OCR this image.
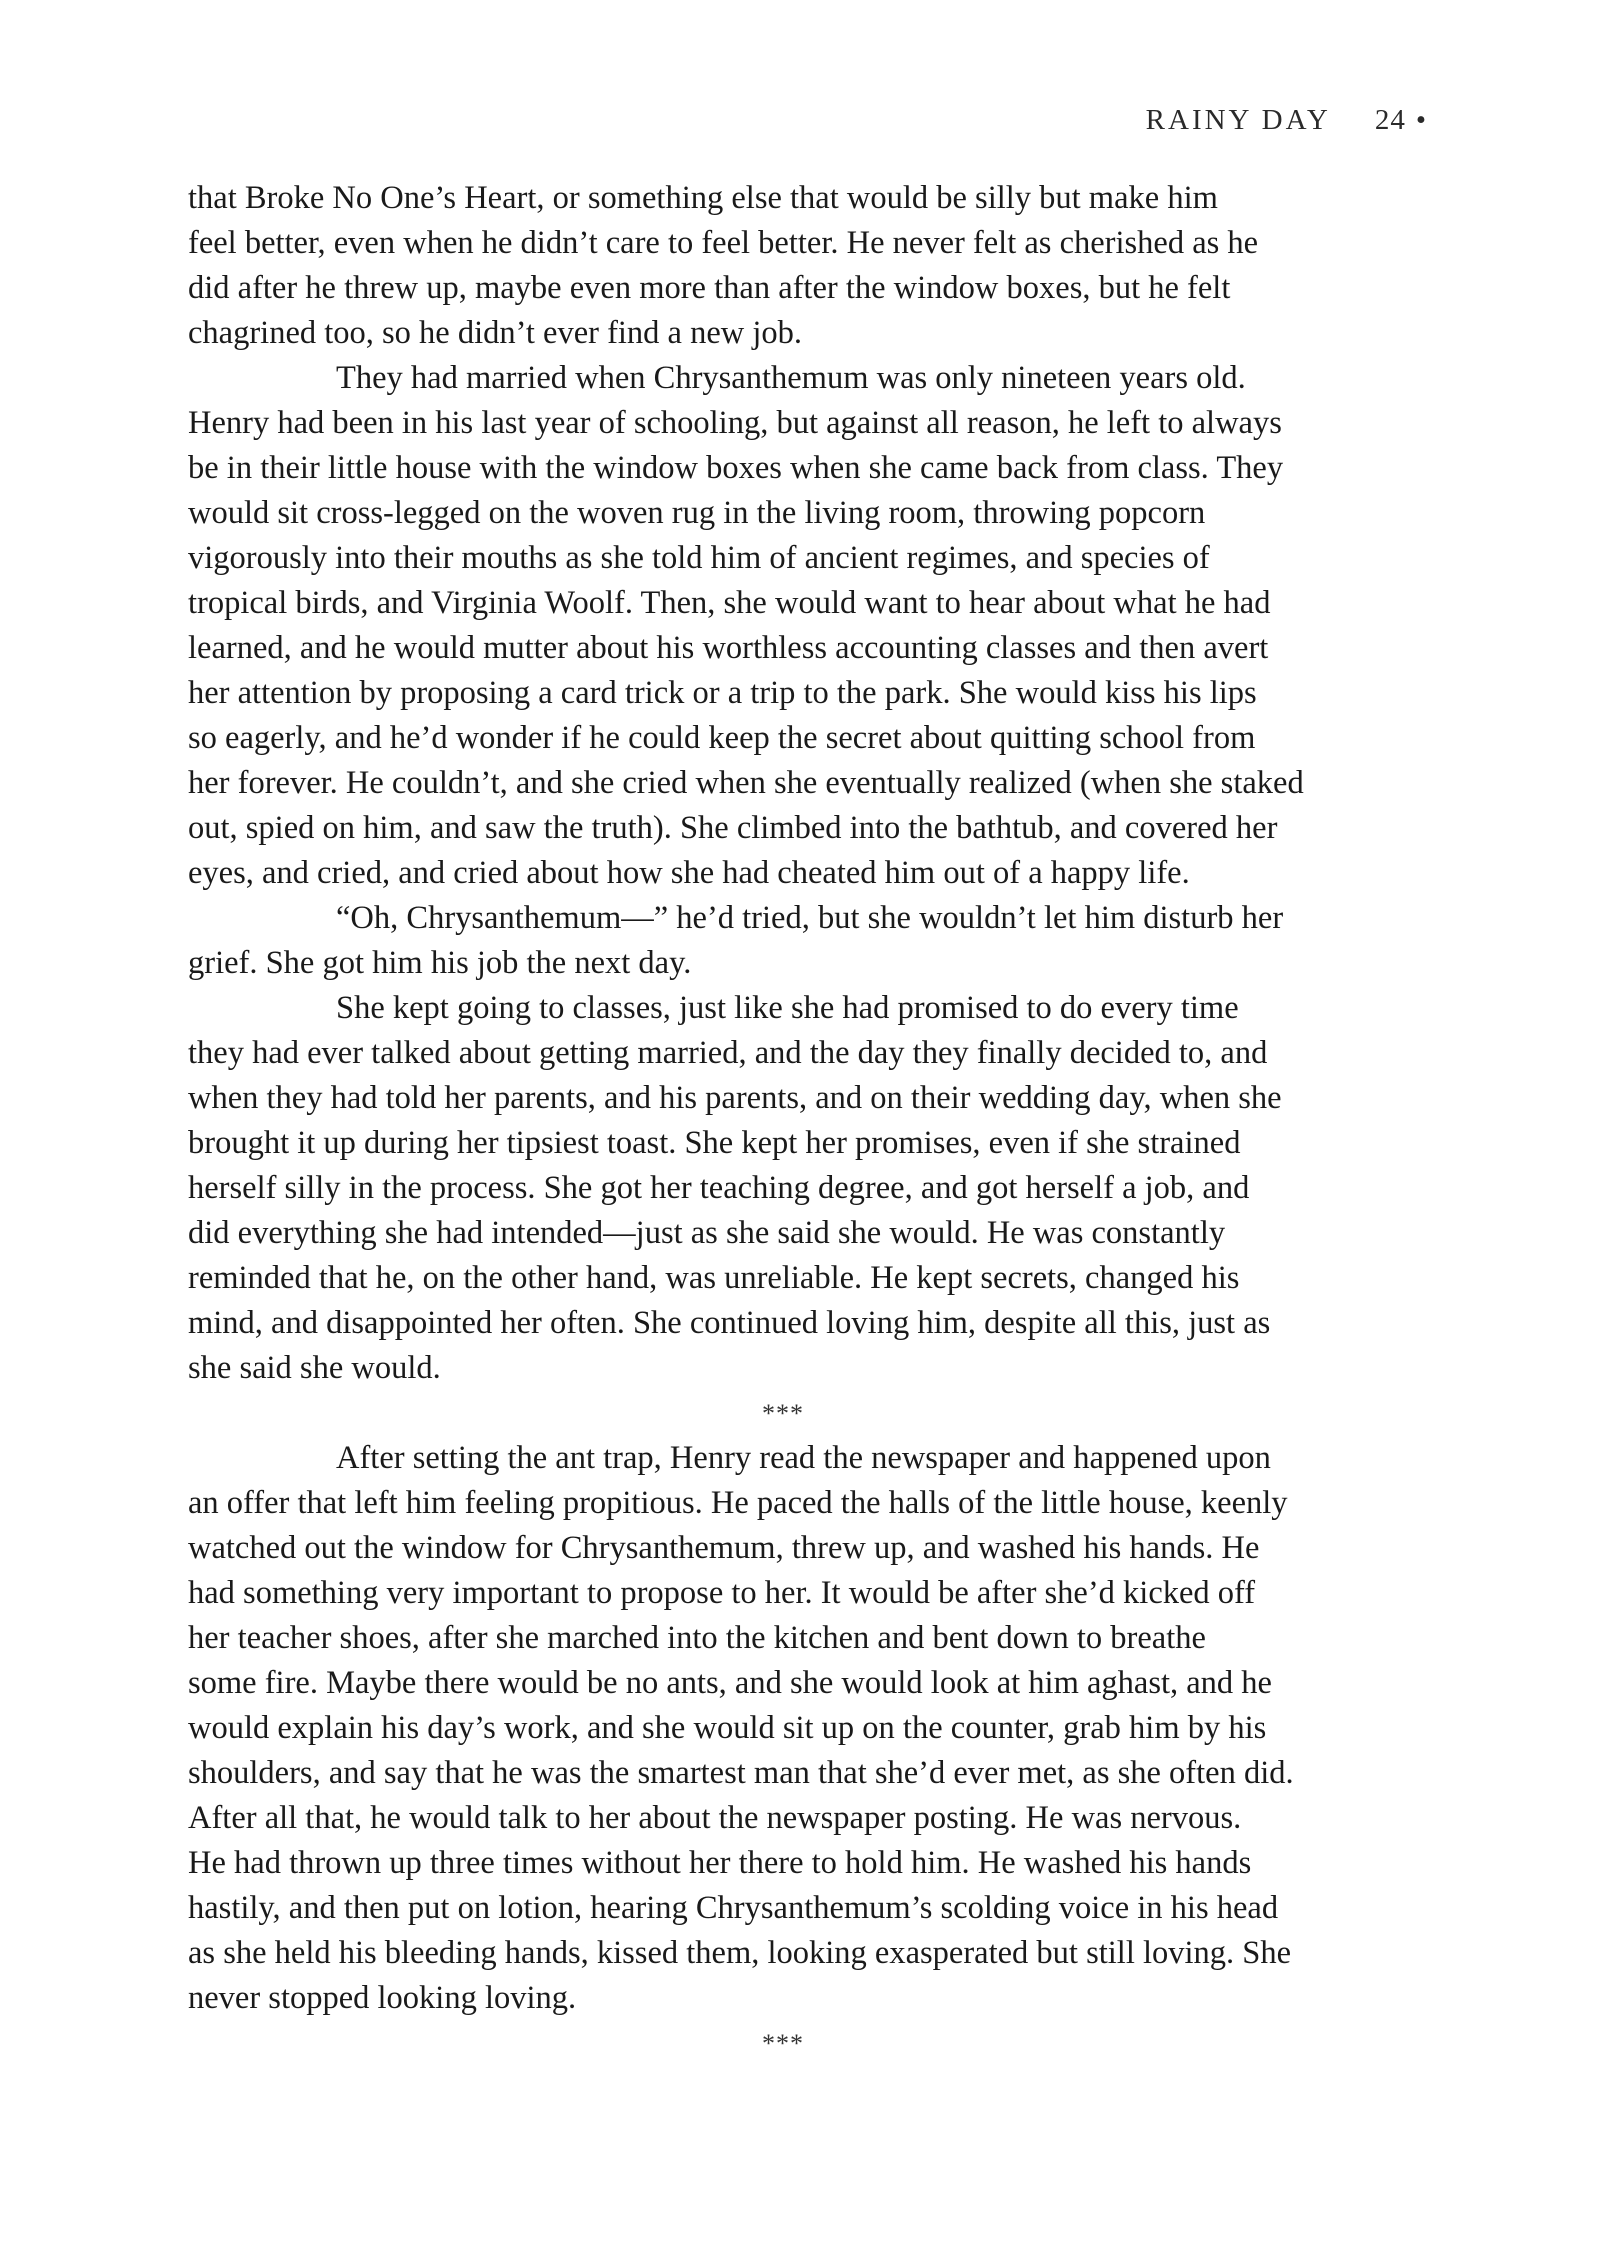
RAINY DAY 24 •
that Broke No One’s Heart, or something else that would be silly but make him
feel better, even when he didn’t care to feel better. He never felt as cherished as he
did after he threw up, maybe even more than after the window boxes, but he felt
chagrined too, so he didn’t ever find a new job.
They had married when Chrysanthemum was only nineteen years old.
Henry had been in his last year of schooling, but against all reason, he left to always
be in their little house with the window boxes when she came back from class. They
would sit cross-legged on the woven rug in the living room, throwing popcorn
vigorously into their mouths as she told him of ancient regimes, and species of
tropical birds, and Virginia Woolf. Then, she would want to hear about what he had
learned, and he would mutter about his worthless accounting classes and then avert
her attention by proposing a card trick or a trip to the park. She would kiss his lips
so eagerly, and he’d wonder if he could keep the secret about quitting school from
her forever. He couldn’t, and she cried when she eventually realized (when she staked
out, spied on him, and saw the truth). She climbed into the bathtub, and covered her
eyes, and cried, and cried about how she had cheated him out of a happy life.
“Oh, Chrysanthemum—” he’d tried, but she wouldn’t let him disturb her
grief. She got him his job the next day.
She kept going to classes, just like she had promised to do every time
they had ever talked about getting married, and the day they finally decided to, and
when they had told her parents, and his parents, and on their wedding day, when she
brought it up during her tipsiest toast. She kept her promises, even if she strained
herself silly in the process. She got her teaching degree, and got herself a job, and
did everything she had intended—just as she said she would. He was constantly
reminded that he, on the other hand, was unreliable. He kept secrets, changed his
mind, and disappointed her often. She continued loving him, despite all this, just as
she said she would.
***
After setting the ant trap, Henry read the newspaper and happened upon
an offer that left him feeling propitious. He paced the halls of the little house, keenly
watched out the window for Chrysanthemum, threw up, and washed his hands. He
had something very important to propose to her. It would be after she’d kicked off
her teacher shoes, after she marched into the kitchen and bent down to breathe
some fire. Maybe there would be no ants, and she would look at him aghast, and he
would explain his day’s work, and she would sit up on the counter, grab him by his
shoulders, and say that he was the smartest man that she’d ever met, as she often did.
After all that, he would talk to her about the newspaper posting. He was nervous.
He had thrown up three times without her there to hold him. He washed his hands
hastily, and then put on lotion, hearing Chrysanthemum’s scolding voice in his head
as she held his bleeding hands, kissed them, looking exasperated but still loving. She
never stopped looking loving.
***
